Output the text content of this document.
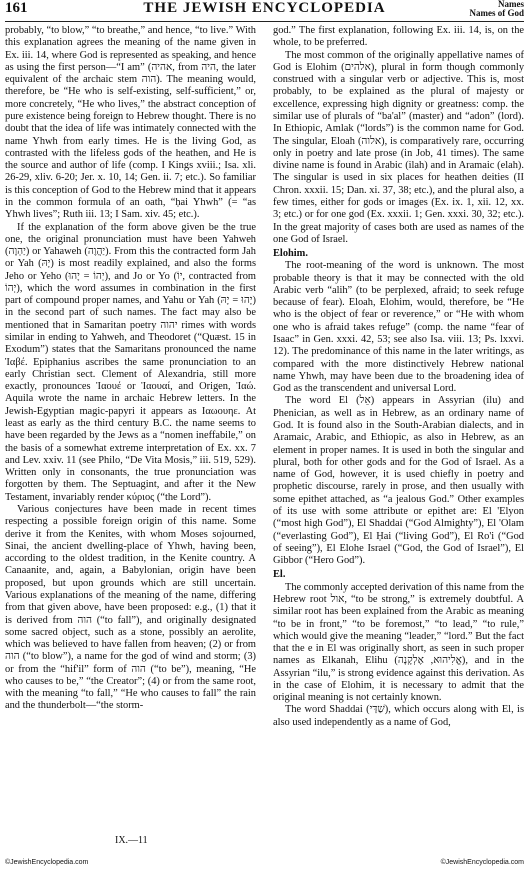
161	THE JEWISH ENCYCLOPEDIA	Names
Names of God

probably, “to blow,” “to breathe,” and hence, “to live.” With this explanation agrees the meaning of the name given in Ex. iii. 14, where God is represented as speaking, and hence as using the first person—“I am” (אהיה, from היה, the later equivalent of the archaic stem הוה). The meaning would, therefore, be “He who is self-existing, self-sufficient,” or, more concretely, “He who lives,” the abstract conception of pure existence being foreign to Hebrew thought. There is no doubt that the idea of life was intimately connected with the name Yhwh from early times. He is the living God, as contrasted with the lifeless gods of the heathen, and He is the source and author of life (comp. I Kings xviii.; Isa. xli. 26-29, xliv. 6-20; Jer. x. 10, 14; Gen. ii. 7; etc.). So familiar is this conception of God to the Hebrew mind that it appears in the common formula of an oath, “ḥai Yhwh” (= “as Yhwh lives”; Ruth iii. 13; I Sam. xiv. 45; etc.).

If the explanation of the form above given be the true one, the original pronunciation must have been Yahweh (יַהְוֶה) or Yahaweh (יַהֲוֶה). From this the contracted form Jah or Yah (יָהּ) is most readily explained, and also the forms Jeho or Yeho (יְהוֹ = יָהוּ), and Jo or Yo (יוֹ, contracted from יְהוֹ), which the word assumes in combination in the first part of compound proper names, and Yahu or Yah (יָהוּ = יָהּ) in the second part of such names. The fact may also be mentioned that in Samaritan poetry יהוה rimes with words similar in ending to Yahweh, and Theodoret (“Quæst. 15 in Exodum”) states that the Samaritans pronounced the name Ἰαβέ. Epiphanius ascribes the same pronunciation to an early Christian sect. Clement of Alexandria, still more exactly, pronounces Ἰαουέ or Ἰαουαί, and Origen, Ἰαώ. Aquila wrote the name in archaic Hebrew letters. In the Jewish-Egyptian magic-papyri it appears as Ιαωουηε. At least as early as the third century B.C. the name seems to have been regarded by the Jews as a “nomen ineffabile,” on the basis of a somewhat extreme interpretation of Ex. xx. 7 and Lev. xxiv. 11 (see Philo, “De Vita Mosis,” iii. 519, 529). Written only in consonants, the true pronunciation was forgotten by them. The Septuagint, and after it the New Testament, invariably render κύριος (“the Lord”).

Various conjectures have been made in recent times respecting a possible foreign origin of this name. Some derive it from the Kenites, with whom Moses sojourned, Sinai, the ancient dwelling-place of Yhwh, having been, according to the oldest tradition, in the Kenite country. A Canaanite, and, again, a Babylonian, origin have been proposed, but upon grounds which are still uncertain. Various explanations of the meaning of the name, differing from that given above, have been proposed: e.g., (1) that it is derived from הוה (“to fall”), and originally designated some sacred object, such as a stone, possibly an aerolite, which was believed to have fallen from heaven; (2) or from הוה (“to blow”), a name for the god of wind and storm; (3) or from the “hif'il” form of הוה (“to be”), meaning, “He who causes to be,” “the Creator”; (4) or from the same root, with the meaning “to fall,” “He who causes to fall” the rain and the thunderbolt—“the storm-

IX.—11

god.” The first explanation, following Ex. iii. 14, is, on the whole, to be preferred.

The most common of the originally appellative names of God is Elohim (אלהים), plural in form though commonly construed with a singular verb or adjective. This is, most probably, to be explained as the plural of majesty or excellence, expressing high dignity or greatness: comp. the similar use of plurals of “ba'al” (master) and “adon” (lord). In Ethiopic, Amlak (“lords”) is the common name for God. The singular, Eloah (אלוה), is comparatively rare, occurring only in poetry and late prose (in Job, 41 times). The same divine name is found in Arabic (ilah) and in Aramaic (elah). The singular is used in six places for heathen deities (II Chron. xxxii. 15; Dan. xi. 37, 38; etc.), and the plural also, a few times, either for gods or images (Ex. ix. 1, xii. 12, xx. 3; etc.) or for one god (Ex. xxxii. 1; Gen. xxxi. 30, 32; etc.). In the great majority of cases both are used as names of the one God of Israel.

Elohim.

The root-meaning of the word is unknown. The most probable theory is that it may be connected with the old Arabic verb “alih” (to be perplexed, afraid; to seek refuge because of fear). Eloah, Elohim, would, therefore, be “He who is the object of fear or reverence,” or “He with whom one who is afraid takes refuge” (comp. the name “fear of Isaac” in Gen. xxxi. 42, 53; see also Isa. viii. 13; Ps. lxxvi. 12). The predominance of this name in the later writings, as compared with the more distinctively Hebrew national name Yhwh, may have been due to the broadening idea of God as the transcendent and universal Lord.

The word El (אֵל) appears in Assyrian (ilu) and Phenician, as well as in Hebrew, as an ordinary name of God. It is found also in the South-Arabian dialects, and in Aramaic, Arabic, and Ethiopic, as also in Hebrew, as an element in proper names. It is used in both the singular and plural, both for other gods and for the God of Israel. As a name of God, however, it is used chiefly in poetry and prophetic discourse, rarely in prose, and then usually with some epithet attached, as “a jealous God.” Other examples of its use with some attribute or epithet are: El 'Elyon (“most high God”), El Shaddai (“God Almighty”), El 'Olam (“everlasting God”), El Ḥai (“living God”), El Ro'i (“God of seeing”), El Elohe Israel (“God, the God of Israel”), El Gibbor (“Hero God”).

El.

The commonly accepted derivation of this name from the Hebrew root אול, “to be strong,” is extremely doubtful. A similar root has been explained from the Arabic as meaning “to be in front,” “to be foremost,” “to lead,” “to rule,” which would give the meaning “leader,” “lord.” But the fact that the e in El was originally short, as seen in such proper names as Elkanah, Elihu (אֱלִיהוּא, אֶלְקָנָה), and in the Assyrian “ilu,” is strong evidence against this derivation. As in the case of Elohim, it is necessary to admit that the original meaning is not certainly known.

The word Shaddai (שַׁדַּי), which occurs along with El, is also used independently as a name of God,

©JewishEncyclopedia.com	©JewishEncyclopedia.com
